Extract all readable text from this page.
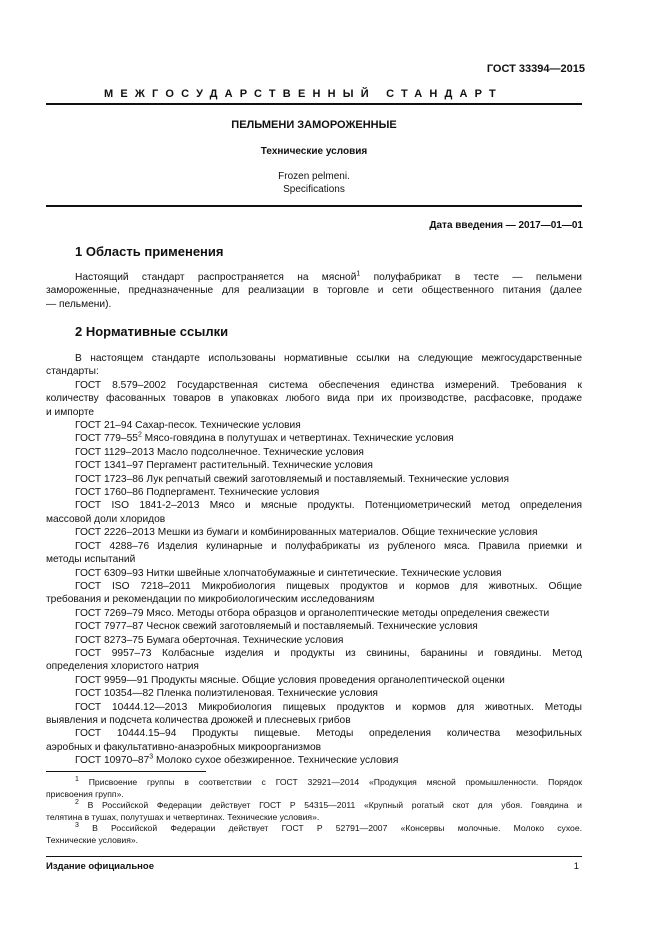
ГОСТ 33394—2015
МЕЖГОСУДАРСТВЕННЫЙ СТАНДАРТ
ПЕЛЬМЕНИ ЗАМОРОЖЕННЫЕ
Технические условия
Frozen pelmeni.
Specifications
Дата введения — 2017—01—01
1 Область применения
Настоящий стандарт распространяется на мясной$^1$ полуфабрикат в тесте — пельмени
замороженные, предназначенные для реализации в торговле и сети общественного питания (далее
— пельмени).
2 Нормативные ссылки
В настоящем стандарте использованы нормативные ссылки на следующие межгосударственные
стандарты:
ГОСТ 8.579–2002 Государственная система обеспечения единства измерений. Требования к
количеству фасованных товаров в упаковках любого вида при их производстве, расфасовке, продаже
и импорте
ГОСТ 21–94 Сахар-песок. Технические условия
ГОСТ $779-55^2$ Мясо-говядина в полутушах и четвертинах. Технические условия
ГОСТ 1129–2013 Масло подсолнечное. Технические условия
ГОСТ 1341–97 Пергамент растительный. Технические условия
ГОСТ 1723–86 Лук репчатый свежий заготовляемый и поставляемый. Технические условия
ГОСТ 1760–86 Подпергамент. Технические условия
ГОСТ ISO 1841-2–2013 Мясо и мясные продукты. Потенциометрический метод определения
массовой доли хлоридов
ГОСТ 2226–2013 Мешки из бумаги и комбинированных материалов. Общие технические условия
ГОСТ 4288–76 Изделия кулинарные и полуфабрикаты из рубленого мяса. Правила приемки и
методы испытаний
ГОСТ 6309–93 Нитки швейные хлопчатобумажные и синтетические. Технические условия
ГОСТ ISO 7218–2011 Микробиология пищевых продуктов и кормов для животных. Общие
требования и рекомендации по микробиологическим исследованиям
ГОСТ 7269–79 Мясо. Методы отбора образцов и органолептические методы определения свежести
ГОСТ 7977–87 Чеснок свежий заготовляемый и поставляемый. Технические условия
ГОСТ 8273–75 Бумага оберточная. Технические условия
ГОСТ 9957–73 Колбасные изделия и продукты из свинины, баранины и говядины. Метод
определения хлористого натрия
ГОСТ 9959—91 Продукты мясные. Общие условия проведения органолептической оценки
ГОСТ 10354—82 Пленка полиэтиленовая. Технические условия
ГОСТ 10444.12—2013 Микробиология пищевых продуктов и кормов для животных. Методы
выявления и подсчета количества дрожжей и плесневых грибов
ГОСТ 10444.15–94 Продукты пищевые. Методы определения количества мезофильных
аэробных и факультативно-анаэробных микроорганизмов
ГОСТ $10970-87^3$ Молоко сухое обезжиренное. Технические условия
$^1$ Присвоение группы в соответствии с ГОСТ 32921—2014 «Продукция мясной промышленности. Порядок
присвоения групп».
$^2$ В Российской Федерации действует ГОСТ Р 54315—2011 «Крупный рогатый скот для убоя. Говядина и
телятина в тушах, полутушах и четвертинах. Технические условия».
$^3$ В Российской Федерации действует ГОСТ Р 52791—2007 «Консервы молочные. Молоко сухое.
Технические условия».
Издание официальное	1
